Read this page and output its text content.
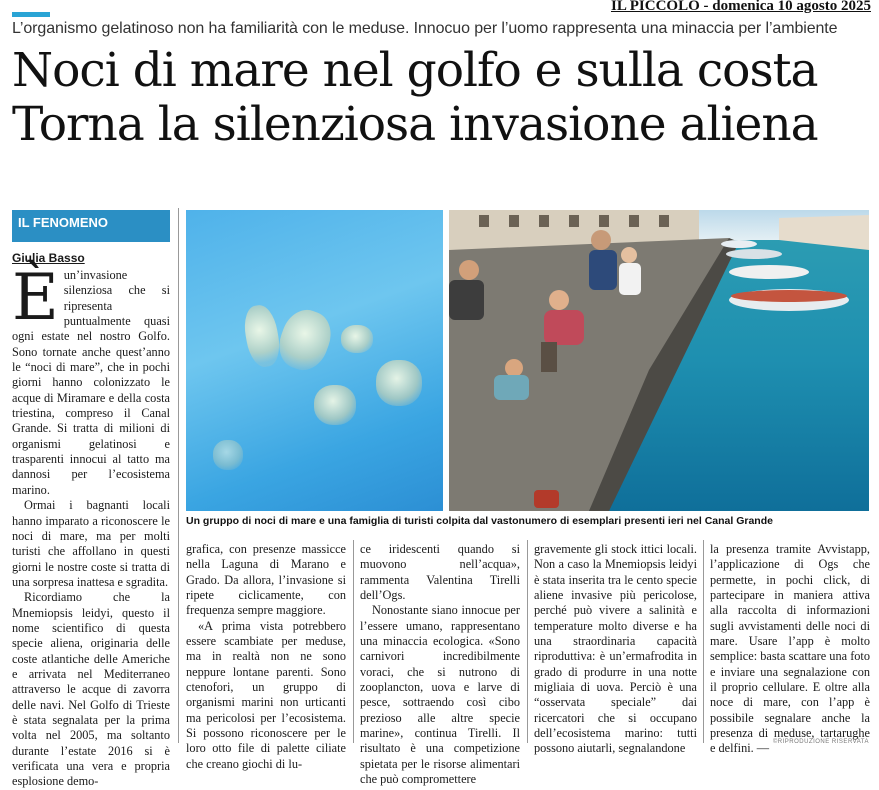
IL PICCOLO - domenica 10 agosto 2025
L’organismo gelatinoso non ha familiarità con le meduse. Innocuo per l’uomo rappresenta una minaccia per l’ambiente
Noci di mare nel golfo e sulla costa
Torna la silenziosa invasione aliena
IL FENOMENO
Giulia Basso

Èun’invasione silenziosa che si ripresenta puntualmente quasi ogni estate nel nostro Golfo. Sono tornate anche quest’anno le “noci di mare”, che in pochi giorni hanno colonizzato le acque di Miramare e della costa triestina, compreso il Canal Grande. Si tratta di milioni di organismi gelatinosi e trasparenti innocui al tatto ma dannosi per l’ecosistema marino.

Ormai i bagnanti locali hanno imparato a riconoscere le noci di mare, ma per molti turisti che affollano in questi giorni le nostre coste si tratta di una sorpresa inattesa e sgradita.

Ricordiamo che la Mnemiopsis leidyi, questo il nome scientifico di questa specie aliena, originaria delle coste atlantiche delle Americhe e arrivata nel Mediterraneo attraverso le acque di zavorra delle navi. Nel Golfo di Trieste è stata segnalata per la prima volta nel 2005, ma soltanto durante l’estate 2016 si è verificata una vera e propria esplosione demo-

Un gruppo di noci di mare e una famiglia di turisti colpita dal vastonumero di esemplari presenti ieri nel Canal Grande

grafica, con presenze massicce nella Laguna di Marano e Grado. Da allora, l’invasione si ripete ciclicamente, con frequenza sempre maggiore.

«A prima vista potrebbero essere scambiate per meduse, ma in realtà non ne sono neppure lontane parenti. Sono ctenofori, un gruppo di organismi marini non urticanti ma pericolosi per l’ecosistema. Si possono riconoscere per le loro otto file di palette ciliate che creano giochi di lu-

ce iridescenti quando si muovono nell’acqua», rammenta Valentina Tirelli dell’Ogs.

Nonostante siano innocue per l’essere umano, rappresentano una minaccia ecologica. «Sono carnivori incredibilmente voraci, che si nutrono di zooplancton, uova e larve di pesce, sottraendo così cibo prezioso alle altre specie marine», continua Tirelli. Il risultato è una competizione spietata per le risorse alimentari che può compromettere

gravemente gli stock ittici locali. Non a caso la Mnemiopsis leidyi è stata inserita tra le cento specie aliene invasive più pericolose, perché può vivere a salinità e temperature molto diverse e ha una straordinaria capacità riproduttiva: è un’ermafrodita in grado di produrre in una notte migliaia di uova. Perciò è una “osservata speciale” dai ricercatori che si occupano dell’ecosistema marino: tutti possono aiutarli, segnalandone

la presenza tramite Avvistapp, l’applicazione di Ogs che permette, in pochi click, di partecipare in maniera attiva alla raccolta di informazioni sugli avvistamenti delle noci di mare. Usare l’app è molto semplice: basta scattare una foto e inviare una segnalazione con il proprio cellulare. E oltre alla noce di mare, con l’app è possibile segnalare anche la presenza di meduse, tartarughe e delfini. — ©RIPRODUZIONE RISERVATA
